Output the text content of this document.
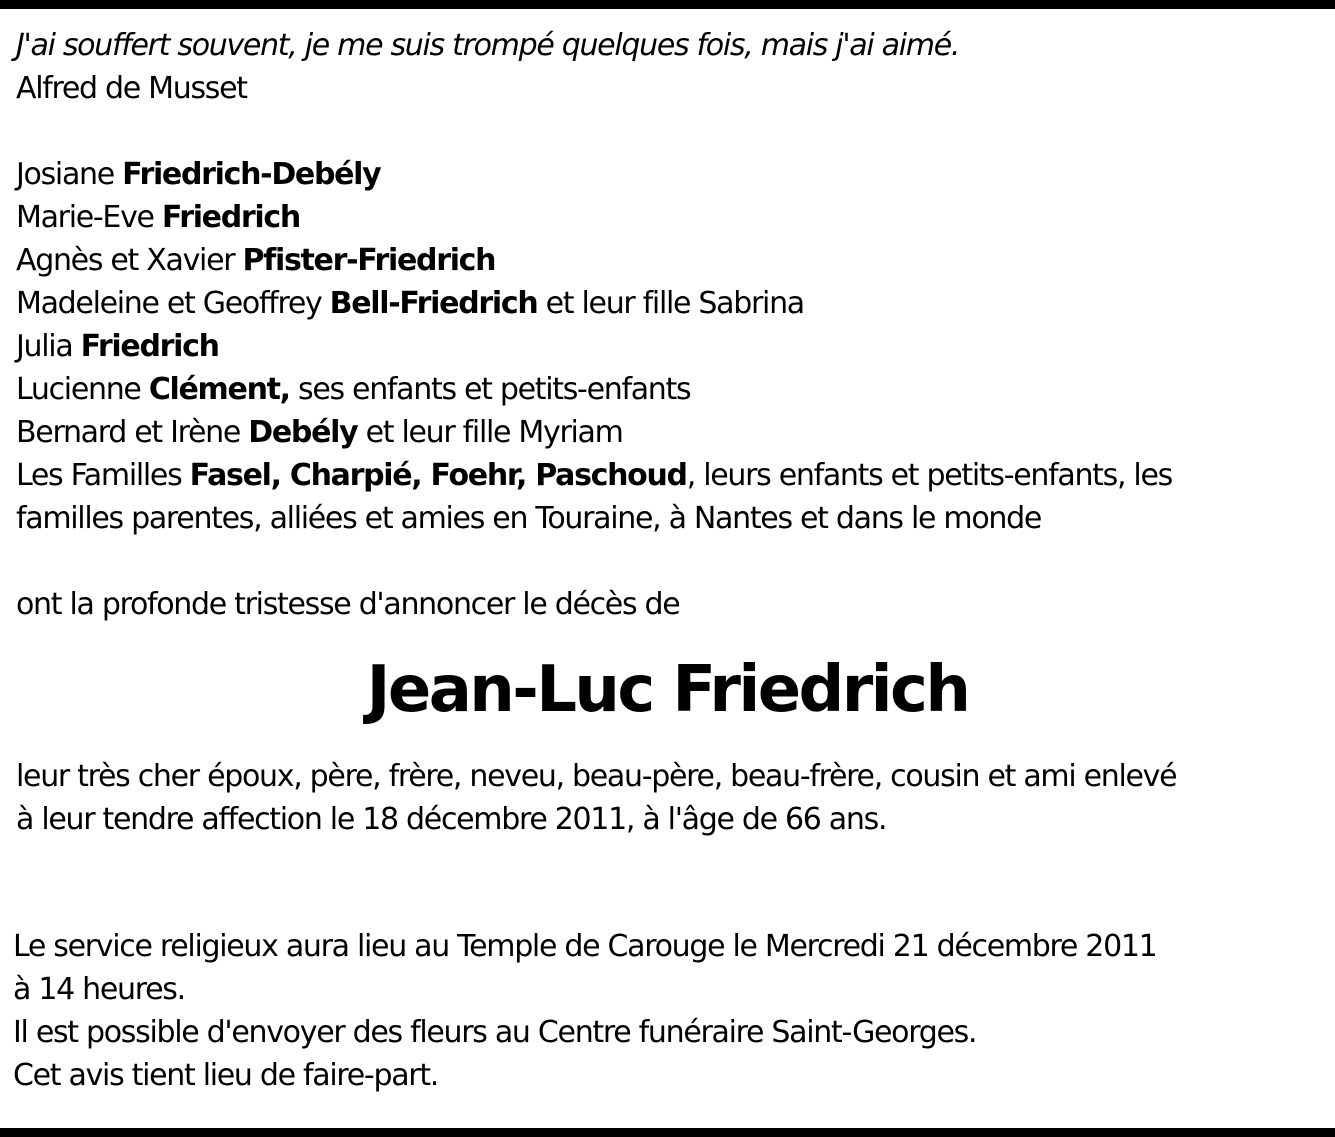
J'ai souffert souvent, je me suis trompé quelques fois, mais j'ai aimé.
Alfred de Musset

Josiane Friedrich-Debély
Marie-Eve Friedrich
Agnès et Xavier Pfister-Friedrich
Madeleine et Geoffrey Bell-Friedrich et leur fille Sabrina
Julia Friedrich
Lucienne Clément, ses enfants et petits-enfants
Bernard et Irène Debély et leur fille Myriam
Les Familles Fasel, Charpié, Foehr, Paschoud, leurs enfants et petits-enfants, les
familles parentes, alliées et amies en Touraine, à Nantes et dans le monde

ont la profonde tristesse d'annoncer le décès de

Jean-Luc Friedrich

leur très cher époux, père, frère, neveu, beau-père, beau-frère, cousin et ami enlevé
à leur tendre affection le 18 décembre 2011, à l'âge de 66 ans.

Le service religieux aura lieu au Temple de Carouge le Mercredi 21 décembre 2011
à 14 heures.
Il est possible d'envoyer des fleurs au Centre funéraire Saint-Georges.
Cet avis tient lieu de faire-part.
